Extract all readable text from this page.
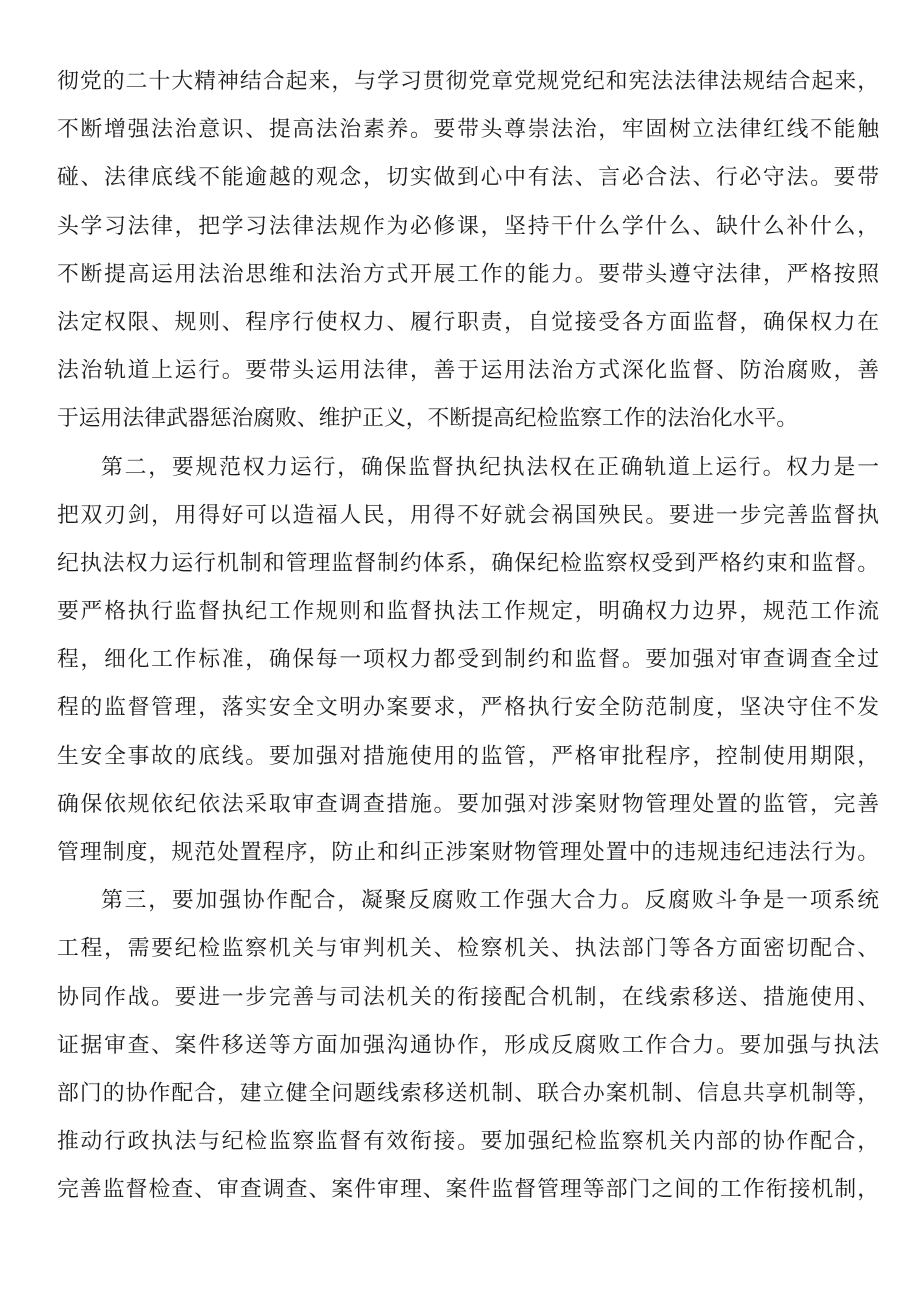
彻党的二十大精神结合起来，与学习贯彻党章党规党纪和宪法法律法规结合起来，
不断增强法治意识、提高法治素养。要带头尊崇法治，牢固树立法律红线不能触
碰、法律底线不能逾越的观念，切实做到心中有法、言必合法、行必守法。要带
头学习法律，把学习法律法规作为必修课，坚持干什么学什么、缺什么补什么，
不断提高运用法治思维和法治方式开展工作的能力。要带头遵守法律，严格按照
法定权限、规则、程序行使权力、履行职责，自觉接受各方面监督，确保权力在
法治轨道上运行。要带头运用法律，善于运用法治方式深化监督、防治腐败，善
于运用法律武器惩治腐败、维护正义，不断提高纪检监察工作的法治化水平。
第二，要规范权力运行，确保监督执纪执法权在正确轨道上运行。权力是一
把双刃剑，用得好可以造福人民，用得不好就会祸国殃民。要进一步完善监督执
纪执法权力运行机制和管理监督制约体系，确保纪检监察权受到严格约束和监督。
要严格执行监督执纪工作规则和监督执法工作规定，明确权力边界，规范工作流
程，细化工作标准，确保每一项权力都受到制约和监督。要加强对审查调查全过
程的监督管理，落实安全文明办案要求，严格执行安全防范制度，坚决守住不发
生安全事故的底线。要加强对措施使用的监管，严格审批程序，控制使用期限，
确保依规依纪依法采取审查调查措施。要加强对涉案财物管理处置的监管，完善
管理制度，规范处置程序，防止和纠正涉案财物管理处置中的违规违纪违法行为。
第三，要加强协作配合，凝聚反腐败工作强大合力。反腐败斗争是一项系统
工程，需要纪检监察机关与审判机关、检察机关、执法部门等各方面密切配合、
协同作战。要进一步完善与司法机关的衔接配合机制，在线索移送、措施使用、
证据审查、案件移送等方面加强沟通协作，形成反腐败工作合力。要加强与执法
部门的协作配合，建立健全问题线索移送机制、联合办案机制、信息共享机制等，
推动行政执法与纪检监察监督有效衔接。要加强纪检监察机关内部的协作配合，
完善监督检查、审查调查、案件审理、案件监督管理等部门之间的工作衔接机制，
